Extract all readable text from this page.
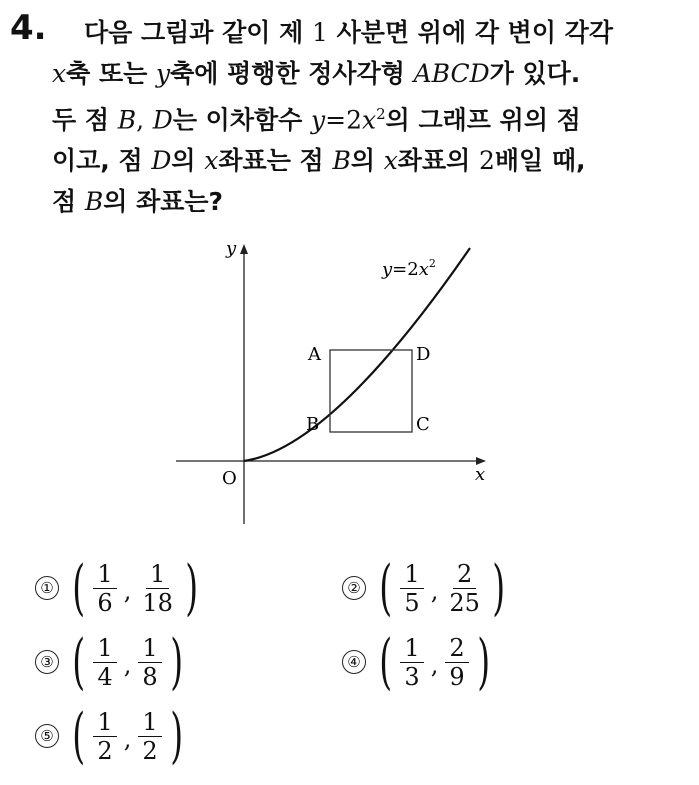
4.	다음 그림과 같이 제 1 사분면 위에 각 변이 각각
x축 또는 y축에 평행한 정사각형 ABCD가 있다.
두 점 B, D는 이차함수 $y=2x^2$의 그래프 위의 점
이고, 점 D의 x좌표는 점 B의 x좌표의 2배일 때,
점 B의 좌표는?
y
x
O
A
B	C
D
$y=2x^2$
① ( $\frac{1}{6}$ , $\frac{1}{18}$ )	② ( $\frac{1}{5}$ , $\frac{2}{25}$ )
③ ( $\frac{1}{4}$ , $\frac{1}{8}$ )	④ ( $\frac{1}{3}$ , $\frac{2}{9}$ )
⑤ ( $\frac{1}{2}$ , $\frac{1}{2}$ )
